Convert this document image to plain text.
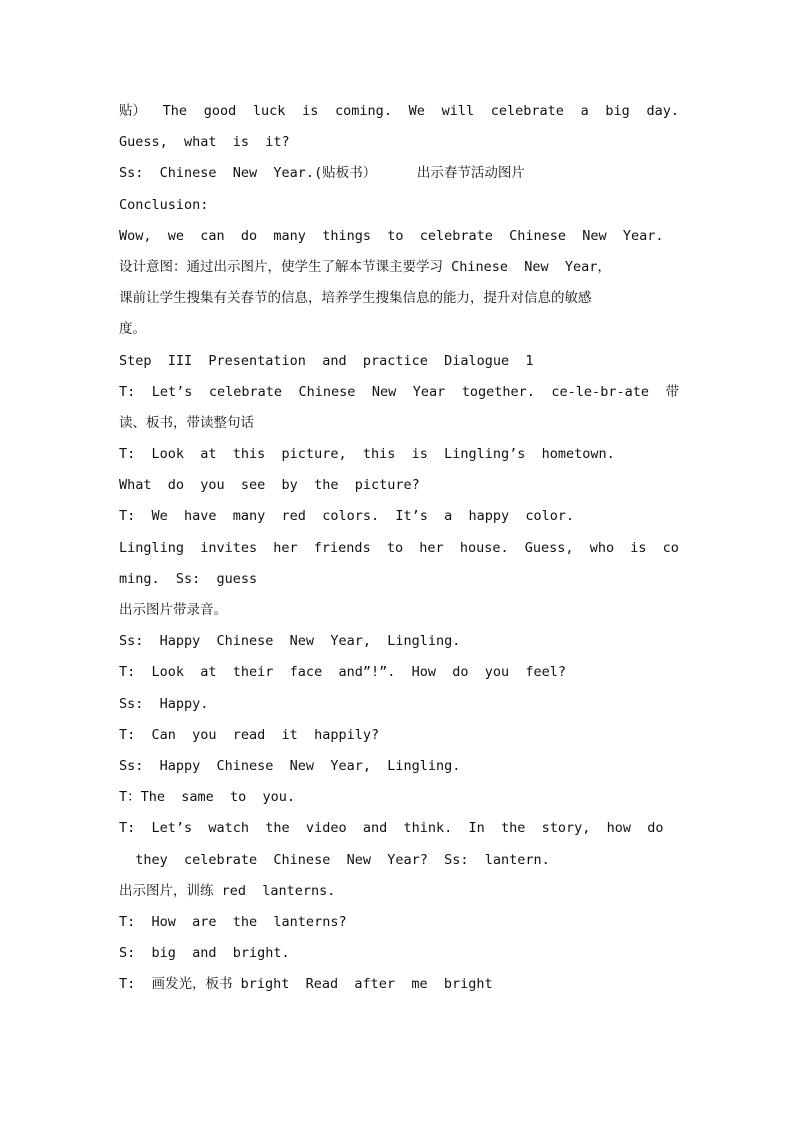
贴） The good luck is coming. We will celebrate a big day.
Guess,  what  is  it?
Ss:  Chinese  New  Year.(贴板书）     出示春节活动图片
Conclusion:
Wow,  we  can  do  many  things  to  celebrate  Chinese  New  Year.
设计意图：通过出示图片，使学生了解本节课主要学习 Chinese  New  Year，
课前让学生搜集有关春节的信息，培养学生搜集信息的能力，提升对信息的敏感
度。
Step  III  Presentation  and  practice  Dialogue  1
T: Let’s celebrate Chinese New Year together. ce-le-br-ate 带
读、板书，带读整句话
T:  Look  at  this  picture,  this  is  Lingling’s  hometown.
What  do  you  see  by  the  picture?
T:  We  have  many  red  colors.  It’s  a  happy  color.
Lingling invites her friends to her house. Guess, who is co
ming.  Ss:  guess
出示图片带录音。
Ss:  Happy  Chinese  New  Year,  Lingling.
T:  Look  at  their  face  and”!”.  How  do  you  feel?
Ss:  Happy.
T:  Can  you  read  it  happily?
Ss:  Happy  Chinese  New  Year,  Lingling.
T：The  same  to  you.
T:  Let’s  watch  the  video  and  think.  In  the  story,  how  do
they  celebrate  Chinese  New  Year?  Ss:  lantern.
出示图片，训练 red  lanterns.
T:  How  are  the  lanterns?
S:  big  and  bright.
T:  画发光，板书 bright  Read  after  me  bright
